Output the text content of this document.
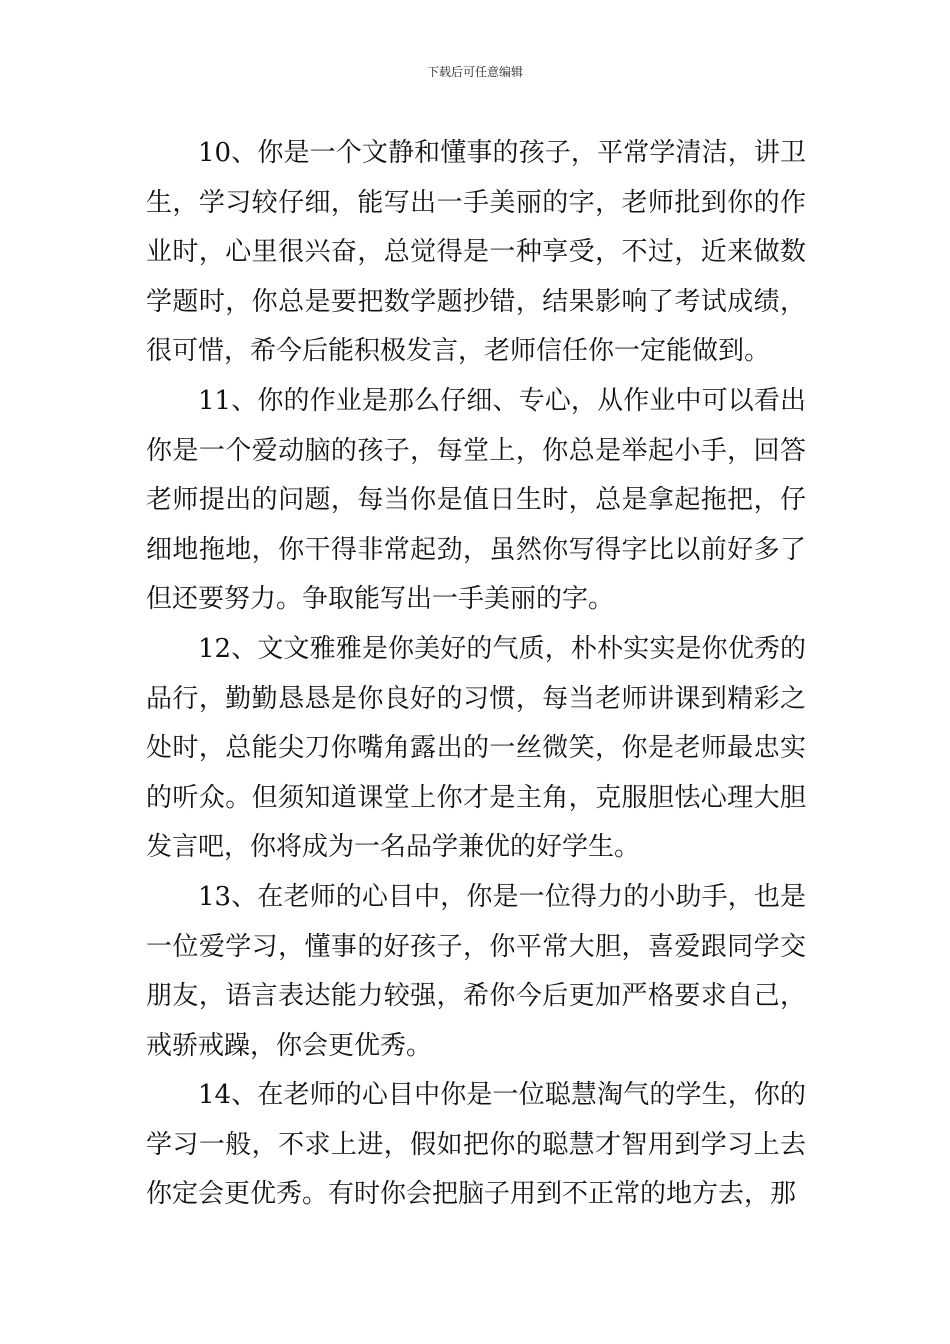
下载后可任意编辑

10、你是一个文静和懂事的孩子，平常学清洁，讲卫生，学习较仔细，能写出一手美丽的字，老师批到你的作业时，心里很兴奋，总觉得是一种享受，不过，近来做数学题时，你总是要把数学题抄错，结果影响了考试成绩，很可惜，希今后能积极发言，老师信任你一定能做到。

11、你的作业是那么仔细、专心，从作业中可以看出你是一个爱动脑的孩子，每堂上，你总是举起小手，回答老师提出的问题，每当你是值日生时，总是拿起拖把，仔细地拖地，你干得非常起劲，虽然你写得字比以前好多了但还要努力。争取能写出一手美丽的字。

12、文文雅雅是你美好的气质，朴朴实实是你优秀的品行，勤勤恳恳是你良好的习惯，每当老师讲课到精彩之处时，总能尖刀你嘴角露出的一丝微笑，你是老师最忠实的听众。但须知道课堂上你才是主角，克服胆怯心理大胆发言吧，你将成为一名品学兼优的好学生。

13、在老师的心目中，你是一位得力的小助手，也是一位爱学习，懂事的好孩子，你平常大胆，喜爱跟同学交朋友，语言表达能力较强，希你今后更加严格要求自己，戒骄戒躁，你会更优秀。

14、在老师的心目中你是一位聪慧淘气的学生，你的学习一般，不求上进，假如把你的聪慧才智用到学习上去你定会更优秀。有时你会把脑子用到不正常的地方去，那
